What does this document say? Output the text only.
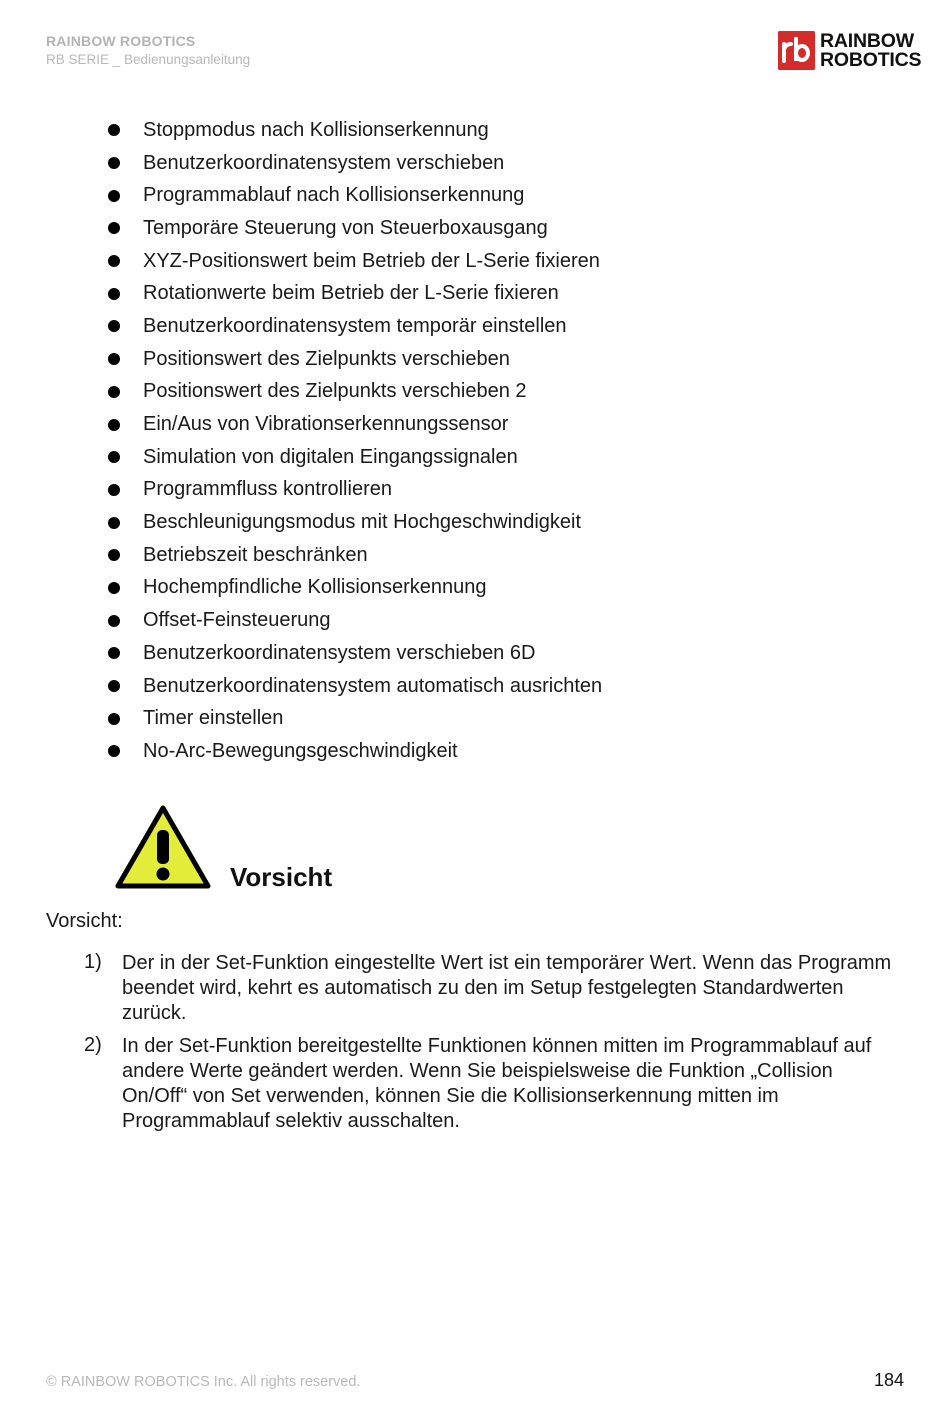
RAINBOW ROBOTICS
RB SERIE _ Bedienungsanleitung
RAINBOW
ROBOTICS
Stoppmodus nach Kollisionserkennung
Benutzerkoordinatensystem verschieben
Programmablauf nach Kollisionserkennung
Temporäre Steuerung von Steuerboxausgang
XYZ-Positionswert beim Betrieb der L-Serie fixieren
Rotationwerte beim Betrieb der L-Serie fixieren
Benutzerkoordinatensystem temporär einstellen
Positionswert des Zielpunkts verschieben
Positionswert des Zielpunkts verschieben 2
Ein/Aus von Vibrationserkennungssensor
Simulation von digitalen Eingangssignalen
Programmfluss kontrollieren
Beschleunigungsmodus mit Hochgeschwindigkeit
Betriebszeit beschränken
Hochempfindliche Kollisionserkennung
Offset-Feinsteuerung
Benutzerkoordinatensystem verschieben 6D
Benutzerkoordinatensystem automatisch ausrichten
Timer einstellen
No-Arc-Bewegungsgeschwindigkeit
Vorsicht
Vorsicht:
1) Der in der Set-Funktion eingestellte Wert ist ein temporärer Wert. Wenn das Programm beendet wird, kehrt es automatisch zu den im Setup festgelegten Standardwerten zurück.
2) In der Set-Funktion bereitgestellte Funktionen können mitten im Programmablauf auf andere Werte geändert werden. Wenn Sie beispielsweise die Funktion „Collision On/Off“ von Set verwenden, können Sie die Kollisionserkennung mitten im Programmablauf selektiv ausschalten.
© RAINBOW ROBOTICS Inc. All rights reserved.	184
